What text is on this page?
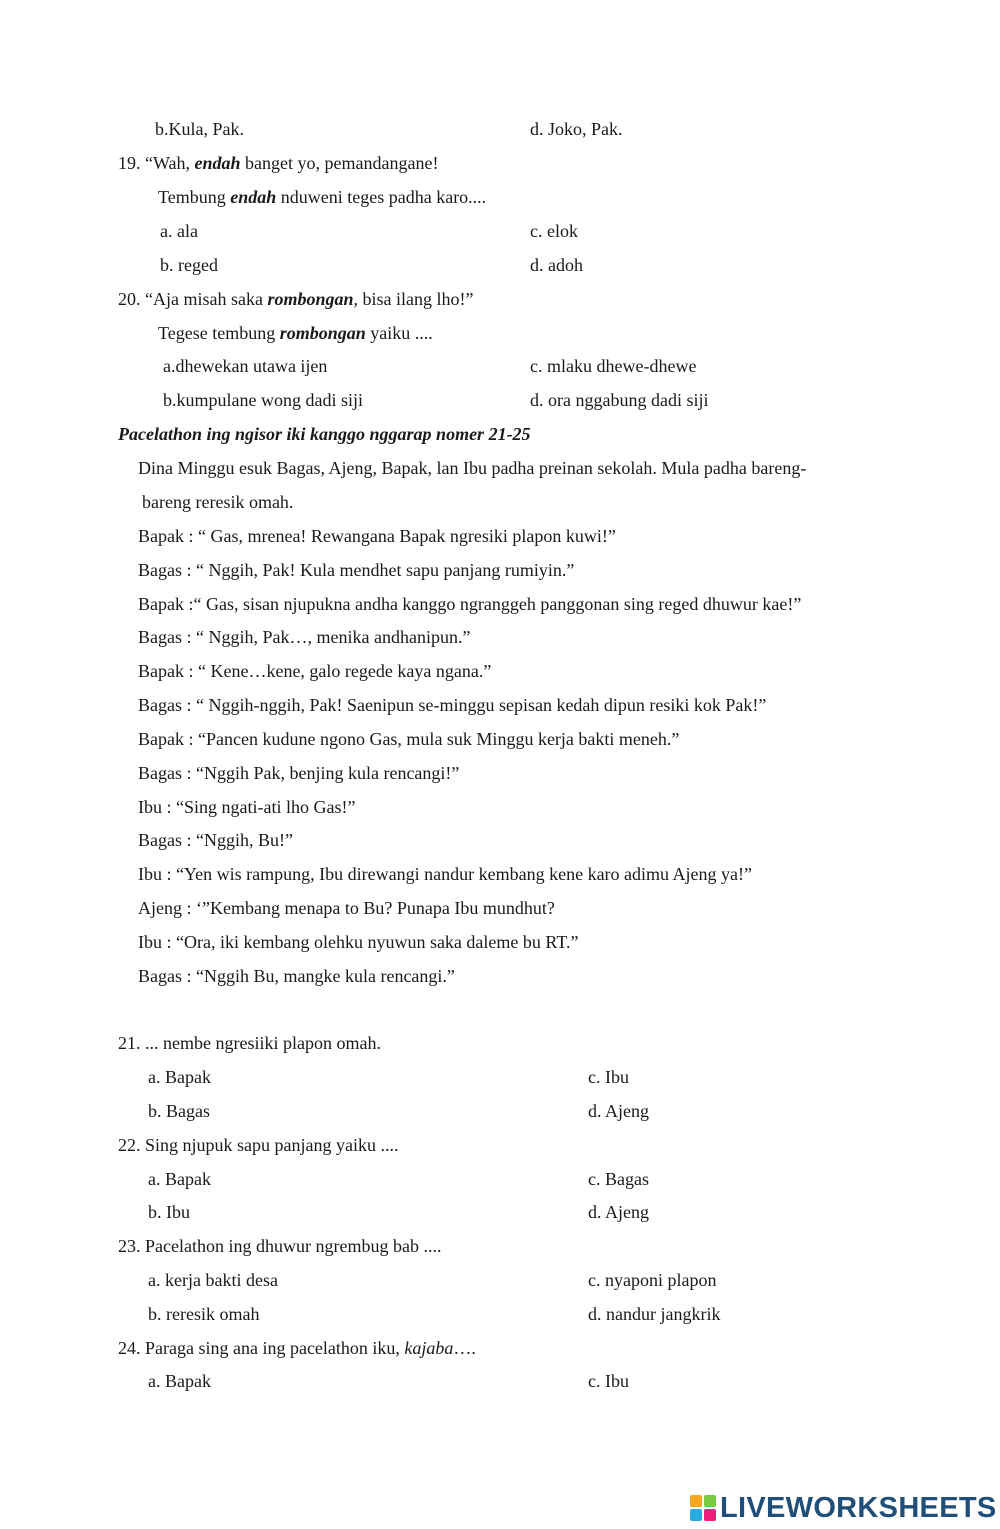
b.Kula, Pak.	d. Joko, Pak.
19. “Wah, endah banget yo, pemandangane!
Tembung endah nduweni teges padha karo....
a. ala	c. elok
b. reged	d. adoh
20. “Aja misah saka rombongan, bisa ilang lho!”
Tegese tembung rombongan yaiku ....
a.dhewekan utawa ijen	c. mlaku dhewe-dhewe
b.kumpulane wong dadi siji	d. ora nggabung dadi siji
Pacelathon ing ngisor iki kanggo nggarap nomer 21-25
Dina Minggu esuk Bagas, Ajeng, Bapak, lan Ibu padha preinan sekolah. Mula padha bareng-
bareng reresik omah.
Bapak : “ Gas, mrenea! Rewangana Bapak ngresiki plapon kuwi!”
Bagas : “ Nggih, Pak! Kula mendhet sapu panjang rumiyin.”
Bapak :“ Gas, sisan njupukna andha kanggo ngranggeh panggonan sing reged dhuwur kae!”
Bagas : “ Nggih, Pak…, menika andhanipun.”
Bapak : “ Kene…kene, galo regede kaya ngana.”
Bagas : “ Nggih-nggih, Pak! Saenipun se-minggu sepisan kedah dipun resiki kok Pak!”
Bapak : “Pancen kudune ngono Gas, mula suk Minggu kerja bakti meneh.”
Bagas : “Nggih Pak, benjing kula rencangi!”
Ibu : “Sing ngati-ati lho Gas!”
Bagas : “Nggih, Bu!”
Ibu : “Yen wis rampung, Ibu direwangi nandur kembang kene karo adimu Ajeng ya!”
Ajeng : ‘”Kembang menapa to Bu? Punapa Ibu mundhut?
Ibu : “Ora, iki kembang olehku nyuwun saka daleme bu RT.”
Bagas : “Nggih Bu, mangke kula rencangi.”
21. ... nembe ngresiiki plapon omah.
a. Bapak	c. Ibu
b. Bagas	d. Ajeng
22. Sing njupuk sapu panjang yaiku ....
a. Bapak	c. Bagas
b. Ibu	d. Ajeng
23. Pacelathon ing dhuwur ngrembug bab ....
a. kerja bakti desa	c. nyaponi plapon
b. reresik omah	d. nandur jangkrik
24. Paraga sing ana ing pacelathon iku, kajaba….
a. Bapak	c. Ibu
LIVEWORKSHEETS
